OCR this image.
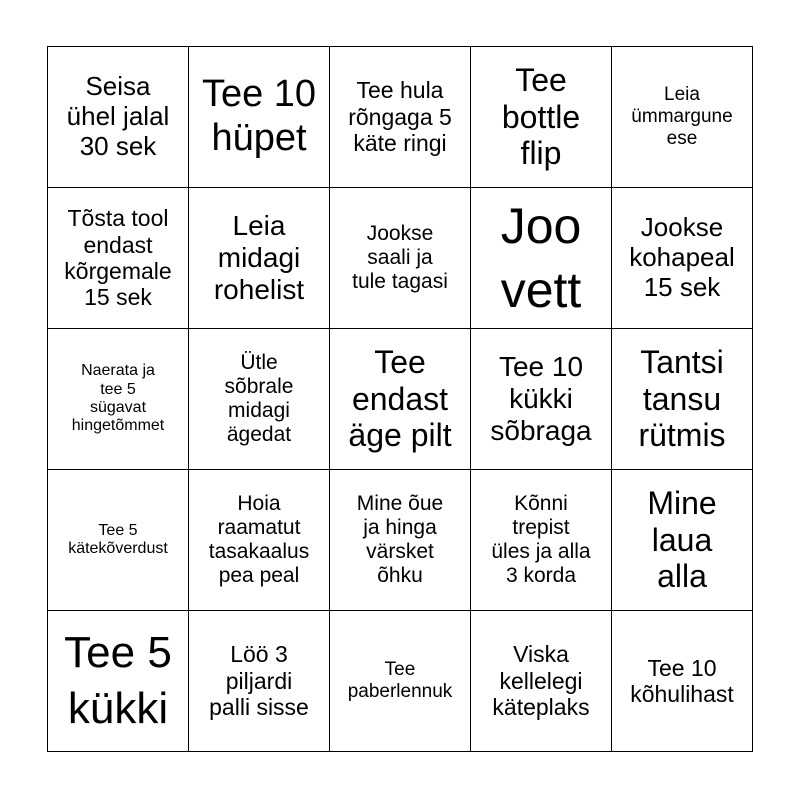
Seisa
ühel jalal
30 sek
Tee 10
hüpet
Tee hula
rõngaga 5
käte ringi
Tee
bottle
flip
Leia
ümmargune
ese
Tõsta tool
endast
kõrgemale
15 sek
Leia
midagi
rohelist
Jookse
saali ja
tule tagasi
Joo
vett
Jookse
kohapeal
15 sek
Naerata ja
tee 5
sügavat
hingetõmmet
Ütle
sõbrale
midagi
ägedat
Tee
endast
äge pilt
Tee 10
kükki
sõbraga
Tantsi
tansu
rütmis
Tee 5
kätekõverdust
Hoia
raamatut
tasakaalus
pea peal
Mine õue
ja hinga
värsket
õhku
Kõnni
trepist
üles ja alla
3 korda
Mine
laua
alla
Tee 5
kükki
Löö 3
piljardi
palli sisse
Tee
paberlennuk
Viska
kellelegi
käteplaks
Tee 10
kõhulihast
